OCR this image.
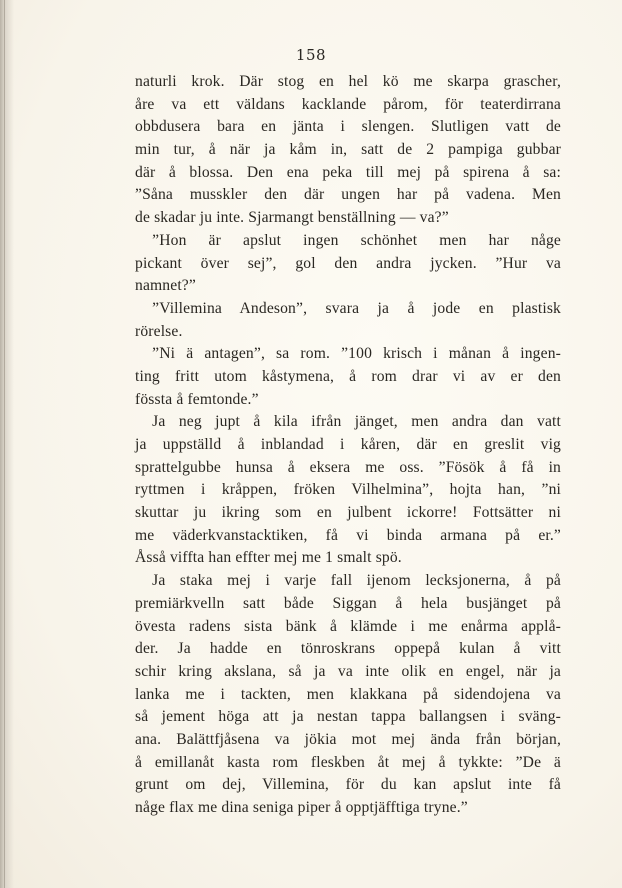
158
naturli krok. Där stog en hel kö me skarpa grascher,
åre va ett väldans kacklande pårom, för teaterdirrana
obbdusera bara en jänta i slengen. Slutligen vatt de
min tur, å när ja kåm in, satt de 2 pampiga gubbar
där å blossa. Den ena peka till mej på spirena å sa:
”Såna musskler den där ungen har på vadena. Men
de skadar ju inte. Sjarmangt benställning — va?”
”Hon är apslut ingen schönhet men har någe
pickant över sej”, gol den andra jycken. ”Hur va
namnet?”
”Villemina Andeson”, svara ja å jode en plastisk
rörelse.
”Ni ä antagen”, sa rom. ”100 krisch i månan å ingen-
ting fritt utom kåstymena, å rom drar vi av er den
fössta å femtonde.”
Ja neg jupt å kila ifrån jänget, men andra dan vatt
ja uppställd å inblandad i kåren, där en greslit vig
sprattelgubbe hunsa å eksera me oss. ”Fösök å få in
ryttmen i kråppen, fröken Vilhelmina”, hojta han, ”ni
skuttar ju ikring som en julbent ickorre! Fottsätter ni
me väderkvanstacktiken, få vi binda armana på er.”
Åsså viffta han effter mej me 1 smalt spö.
Ja staka mej i varje fall ijenom lecksjonerna, å på
premiärkvelln satt både Siggan å hela busjänget på
övesta radens sista bänk å klämde i me enårma applå-
der. Ja hadde en tönroskrans oppepå kulan å vitt
schir kring akslana, så ja va inte olik en engel, när ja
lanka me i tackten, men klakkana på sidendojena va
så jement höga att ja nestan tappa ballangsen i sväng-
ana. Balättfjåsena va jökia mot mej ända från början,
å emillanåt kasta rom fleskben åt mej å tykkte: ”De ä
grunt om dej, Villemina, för du kan apslut inte få
någe flax me dina seniga piper å opptjäfftiga tryne.”
